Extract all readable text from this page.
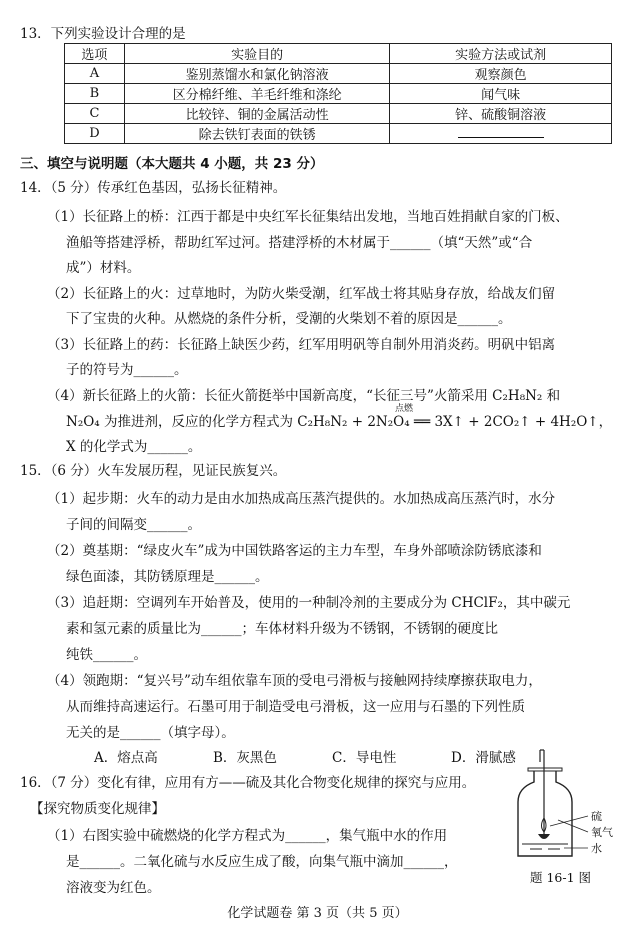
13．下列实验设计合理的是
选项	实验目的	实验方法或试剂
A	鉴别蒸馏水和氯化钠溶液	观察颜色
B	区分棉纤维、羊毛纤维和涤纶	闻气味
C	比较锌、铜的金属活动性	锌、硫酸铜溶液
D	除去铁钉表面的铁锈	
三、填空与说明题（本大题共 4 小题，共 23 分）
14．（5 分）传承红色基因，弘扬长征精神。
（1）长征路上的桥：江西于都是中央红军长征集结出发地，当地百姓捐献自家的门板、
渔船等搭建浮桥，帮助红军过河。搭建浮桥的木材属于______（填“天然”或“合
成”）材料。
（2）长征路上的火：过草地时，为防火柴受潮，红军战士将其贴身存放，给战友们留
下了宝贵的火种。从燃烧的条件分析，受潮的火柴划不着的原因是______。
（3）长征路上的药：长征路上缺医少药，红军用明矾等自制外用消炎药。明矾中铝离
子的符号为______。
（4）新长征路上的火箭：长征火箭挺举中国新高度，“长征三号”火箭采用 C₂H₈N₂ 和
点燃
N₂O₄ 为推进剂，反应的化学方程式为 C₂H₈N₂ + 2N₂O₄ ══ 3X↑ + 2CO₂↑ + 4H₂O↑，
X 的化学式为______。
15．（6 分）火车发展历程，见证民族复兴。
（1）起步期：火车的动力是由水加热成高压蒸汽提供的。水加热成高压蒸汽时，水分
子间的间隔变______。
（2）奠基期：“绿皮火车”成为中国铁路客运的主力车型，车身外部喷涂防锈底漆和
绿色面漆，其防锈原理是______。
（3）追赶期：空调列车开始普及，使用的一种制冷剂的主要成分为 CHClF₂，其中碳元
素和氢元素的质量比为______；车体材料升级为不锈钢，不锈钢的硬度比
纯铁______。
（4）领跑期：“复兴号”动车组依靠车顶的受电弓滑板与接触网持续摩擦获取电力，
从而维持高速运行。石墨可用于制造受电弓滑板，这一应用与石墨的下列性质
无关的是______（填字母）。
A．熔点高	B．灰黑色	C．导电性	D．滑腻感
16．（7 分）变化有律，应用有方——硫及其化合物变化规律的探究与应用。
【探究物质变化规律】
（1）右图实验中硫燃烧的化学方程式为______，集气瓶中水的作用
是______。二氧化硫与水反应生成了酸，向集气瓶中滴加______，
溶液变为红色。
硫
氧气
水
题 16-1 图
化学试题卷 第 3 页（共 5 页）
